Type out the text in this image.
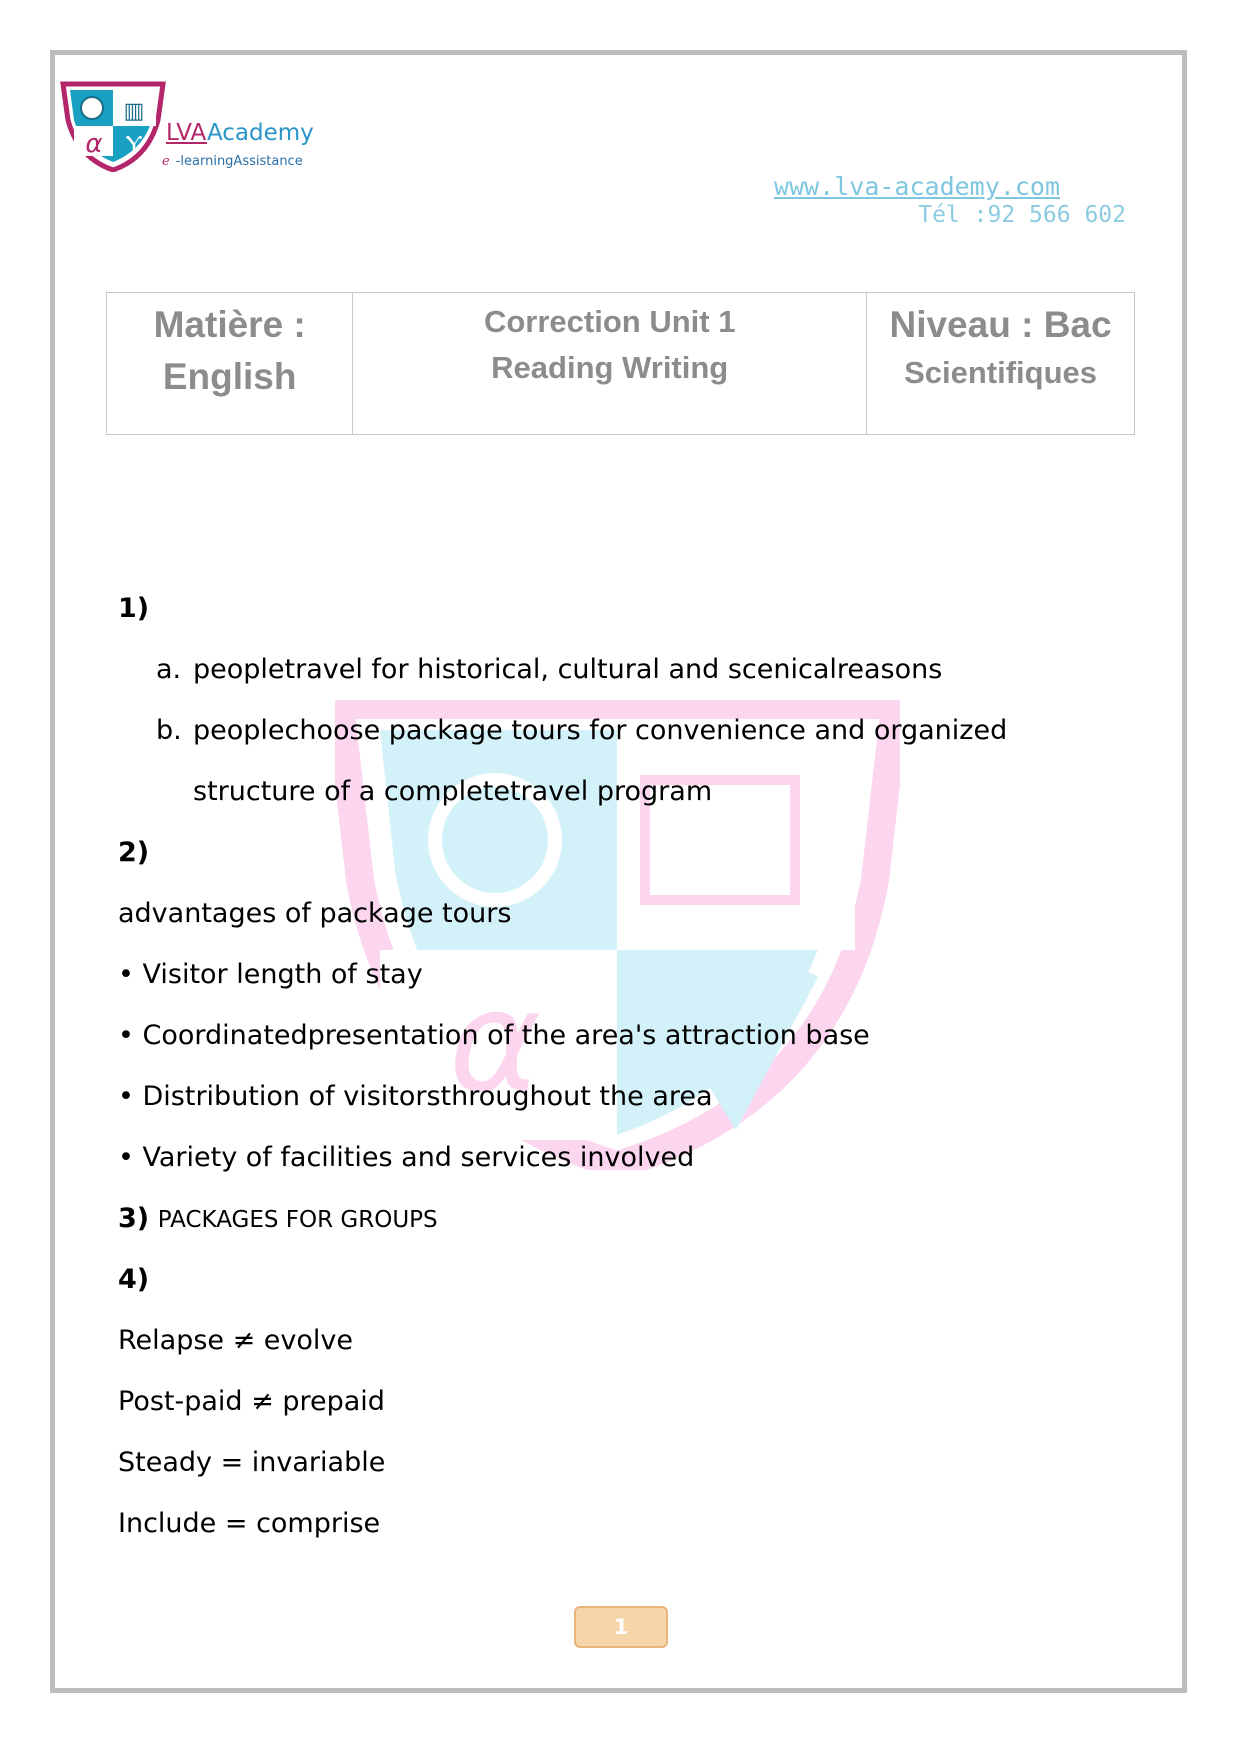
▥
α Ⲩ LVAAcademy
e -learningAssistance
www.lva-academy.com
Tél :92 566 602
Matière :
English

Correction Unit 1
Reading Writing

Niveau : Bac
Scientifiques
α
1)
a. peopletravel for historical, cultural and scenicalreasons
b. peoplechoose package tours for convenience and organized
structure of a completetravel program
2)
advantages of package tours
• Visitor length of stay
• Coordinatedpresentation of the area's attraction base
• Distribution of visitorsthroughout the area
• Variety of facilities and services involved
3) PACKAGES FOR GROUPS
4)
Relapse ≠ evolve
Post-paid ≠ prepaid
Steady = invariable
Include = comprise
1
